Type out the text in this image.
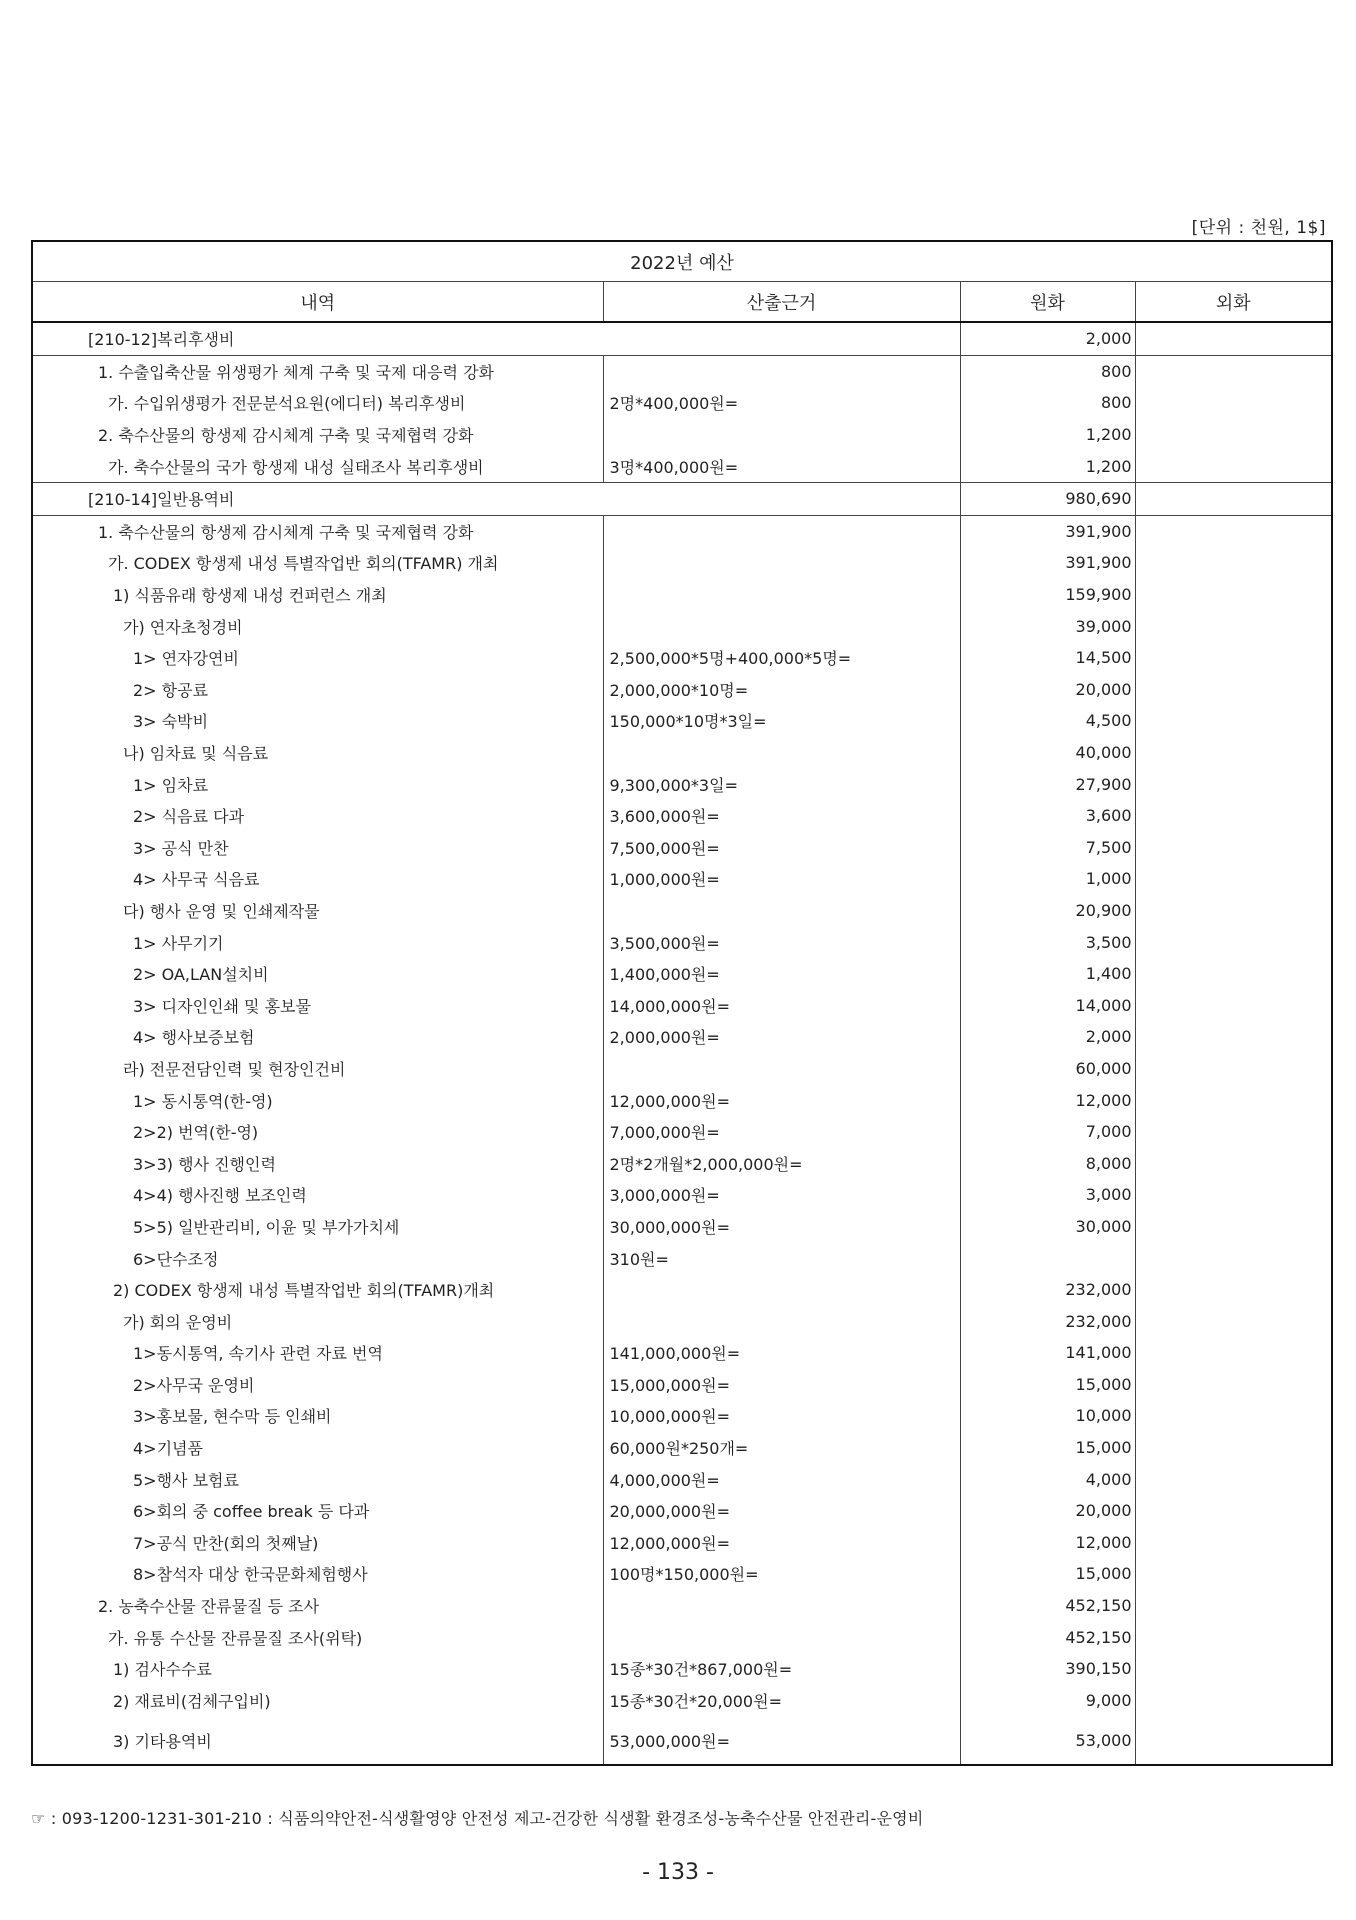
[단위 : 천원, 1$]
2022년 예산			
내역	산출근거	원화	외화
[210-12]복리후생비		2,000	
1. 수출입축산물 위생평가 체계 구축 및 국제 대응력 강화		800	
가. 수입위생평가 전문분석요원(에디터) 복리후생비	2명*400,000원=	800	
2. 축수산물의 항생제 감시체계 구축 및 국제협력 강화		1,200	
가. 축수산물의 국가 항생제 내성 실태조사 복리후생비	3명*400,000원=	1,200	
[210-14]일반용역비		980,690	
1. 축수산물의 항생제 감시체계 구축 및 국제협력 강화		391,900	
가. CODEX 항생제 내성 특별작업반 회의(TFAMR) 개최		391,900	
1) 식품유래 항생제 내성 컨퍼런스 개최		159,900	
가) 연자초청경비		39,000	
1> 연자강연비	2,500,000*5명+400,000*5명=	14,500	
2> 항공료	2,000,000*10명=	20,000	
3> 숙박비	150,000*10명*3일=	4,500	
나) 임차료 및 식음료		40,000	
1> 임차료	9,300,000*3일=	27,900	
2> 식음료 다과	3,600,000원=	3,600	
3> 공식 만찬	7,500,000원=	7,500	
4> 사무국 식음료	1,000,000원=	1,000	
다) 행사 운영 및 인쇄제작물		20,900	
1> 사무기기	3,500,000원=	3,500	
2> OA,LAN설치비	1,400,000원=	1,400	
3> 디자인인쇄 및 홍보물	14,000,000원=	14,000	
4> 행사보증보험	2,000,000원=	2,000	
라) 전문전담인력 및 현장인건비		60,000	
1> 동시통역(한-영)	12,000,000원=	12,000	
2>2) 번역(한-영)	7,000,000원=	7,000	
3>3) 행사 진행인력	2명*2개월*2,000,000원=	8,000	
4>4) 행사진행 보조인력	3,000,000원=	3,000	
5>5) 일반관리비, 이윤 및 부가가치세	30,000,000원=	30,000	
6>단수조정	310원=		
2) CODEX 항생제 내성 특별작업반 회의(TFAMR)개최		232,000	
가) 회의 운영비		232,000	
1>동시통역, 속기사 관련 자료 번역	141,000,000원=	141,000	
2>사무국 운영비	15,000,000원=	15,000	
3>홍보물, 현수막 등 인쇄비	10,000,000원=	10,000	
4>기념품	60,000원*250개=	15,000	
5>행사 보험료	4,000,000원=	4,000	
6>회의 중 coffee break 등 다과	20,000,000원=	20,000	
7>공식 만찬(회의 첫째날)	12,000,000원=	12,000	
8>참석자 대상 한국문화체험행사	100명*150,000원=	15,000	
2. 농축수산물 잔류물질 등 조사		452,150	
가. 유통 수산물 잔류물질 조사(위탁)		452,150	
1) 검사수수료	15종*30건*867,000원=	390,150	
2) 재료비(검체구입비)	15종*30건*20,000원=	9,000	
3) 기타용역비	53,000,000원=	53,000	
☞ : 093-1200-1231-301-210 : 식품의약안전-식생활영양 안전성 제고-건강한 식생활 환경조성-농축수산물 안전관리-운영비
- 133 -
